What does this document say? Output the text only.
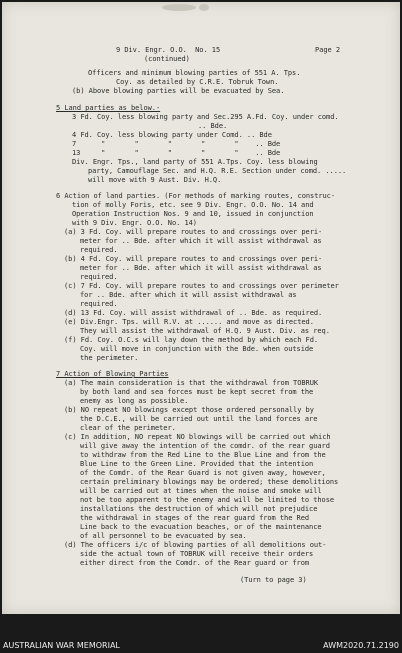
9 Div. Engr. O.O.  No. 15	Page 2
(continued)
Officers and minimum blowing parties of 551 A. Tps.
Coy. as detailed by C.R.E. Tobruk Town.
(b) Above blowing parties will be evacuated by Sea.
5 Land parties as below.-
3 Fd. Coy. less blowing party and Sec.295 A.Fd. Coy. under comd.
.. Bde.
4 Fd. Coy. less blowing party under Comd. .. Bde
7      "       "       "       "       "    .. Bde
13     "       "       "       "       "    .. Bde
Div. Engr. Tps., land party of 551 A.Tps. Coy. less blowing
party, Camouflage Sec. and H.Q. R.E. Section under comd. .....
will move with 9 Aust. Div. H.Q.
6 Action of land parties. (For methods of marking routes, construc-
tion of molly Foris, etc. see 9 Div. Engr. O.O. No. 14 and
Operation Instruction Nos. 9 and 10, issued in conjunction
with 9 Div. Engr. O.O. No. 14)
(a) 3 Fd. Coy. will prepare routes to and crossings over peri-
meter for .. Bde. after which it will assist withdrawal as
required.
(b) 4 Fd. Coy. will prepare routes to and crossings over peri-
meter for .. Bde. after which it will assist withdrawal as
required.
(c) 7 Fd. Coy. will prepare routes to and crossings over perimeter
for .. Bde. after which it will assist withdrawal as
required.
(d) 13 Fd. Coy. will assist withdrawal of .. Bde. as required.
(e) Div.Engr. Tps. will R.V. at ...... and move as directed.
They will assist the withdrawal of H.Q. 9 Aust. Div. as req.
(f) Fd. Coy. O.C.s will lay down the method by which each Fd.
Coy. will move in conjunction with the Bde. when outside
the perimeter.
7 Action of Blowing Parties
(a) The main consideration is that the withdrawal from TOBRUK
by both land and sea forces must be kept secret from the
enemy as long as possible.
(b) NO repeat NO blowings except those ordered personally by
the D.C.E., will be carried out until the land forces are
clear of the perimeter.
(c) In addition, NO repeat NO blowings will be carried out which
will give away the intention of the comdr. of the rear guard
to withdraw from the Red Line to the Blue Line and from the
Blue Line to the Green Line. Provided that the intention
of the Comdr. of the Rear Guard is not given away, however,
certain preliminary blowings may be ordered; these demolitions
will be carried out at times when the noise and smoke will
not be too apparent to the enemy and will be limited to those
installations the destruction of which will not prejudice
the withdrawal in stages of the rear guard from the Red
Line back to the evacuation beaches, or of the maintenance
of all personnel to be evacuated by sea.
(d) The officers i/c of blowing parties of all demolitions out-
side the actual town of TOBRUK will receive their orders
either direct from the Comdr. of the Rear guard or from
(Turn to page 3)
AUSTRALIAN WAR MEMORIAL	AWM2020.71.2190
